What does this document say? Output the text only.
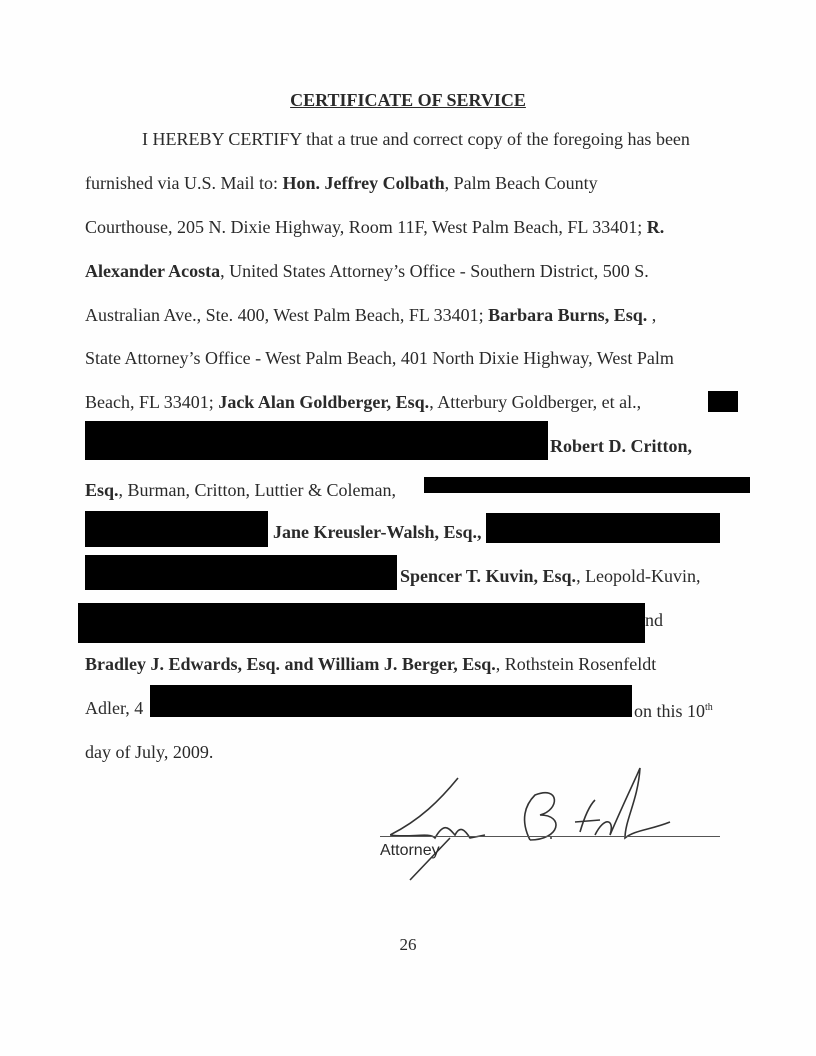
CERTIFICATE OF SERVICE
I HEREBY CERTIFY that a true and correct copy of the foregoing has been
furnished via U.S. Mail to: Hon. Jeffrey Colbath, Palm Beach County
Courthouse, 205 N. Dixie Highway, Room 11F, West Palm Beach, FL 33401; R.
Alexander Acosta, United States Attorney’s Office - Southern District, 500 S.
Australian Ave., Ste. 400, West Palm Beach, FL 33401; Barbara Burns, Esq. ,
State Attorney’s Office - West Palm Beach, 401 North Dixie Highway, West Palm
Beach, FL 33401; Jack Alan Goldberger, Esq., Atterbury Goldberger, et al.,
Robert D. Critton,
Esq., Burman, Critton, Luttier & Coleman,
Jane Kreusler-Walsh, Esq.,
Spencer T. Kuvin, Esq., Leopold-Kuvin,
nd
Bradley J. Edwards, Esq. and William J. Berger, Esq., Rothstein Rosenfeldt
Adler, 4	on this 10th
day of July, 2009.
Attorney
26
